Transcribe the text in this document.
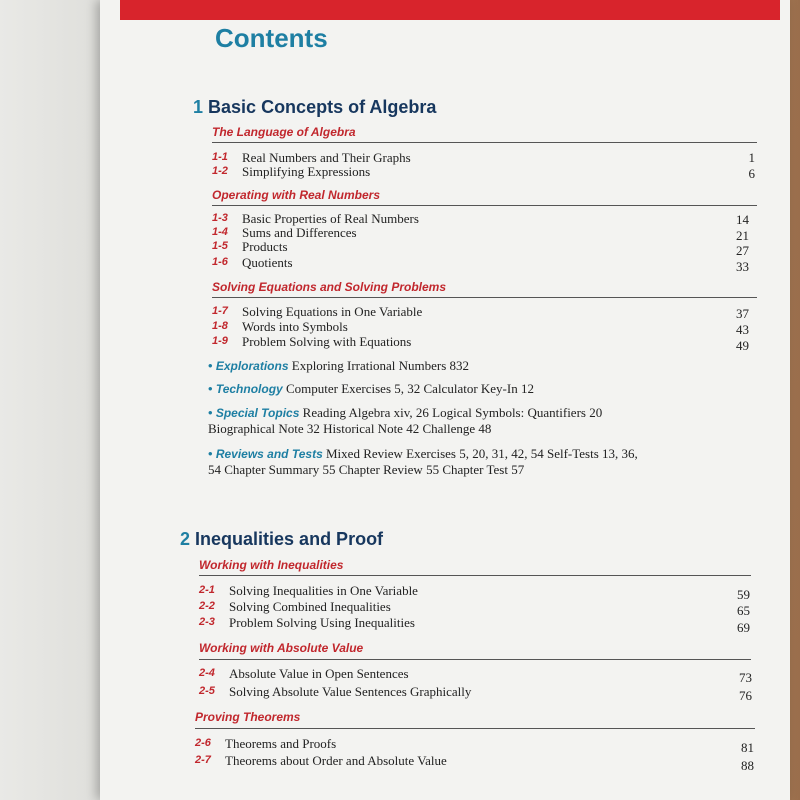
Contents
1 Basic Concepts of Algebra
The Language of Algebra
1-1 Real Numbers and Their Graphs	1
1-2 Simplifying Expressions	6
Operating with Real Numbers
1-3 Basic Properties of Real Numbers	14
1-4 Sums and Differences	21
1-5 Products	27
1-6 Quotients	33
Solving Equations and Solving Problems
1-7 Solving Equations in One Variable	37
1-8 Words into Symbols	43
1-9 Problem Solving with Equations	49
• Explorations Exploring Irrational Numbers 832
• Technology Computer Exercises 5, 32 Calculator Key-In 12
• Special Topics Reading Algebra xiv, 26 Logical Symbols: Quantifiers 20 Biographical Note 32 Historical Note 42 Challenge 48
• Reviews and Tests Mixed Review Exercises 5, 20, 31, 42, 54 Self-Tests 13, 36, 54 Chapter Summary 55 Chapter Review 55 Chapter Test 57
2 Inequalities and Proof
Working with Inequalities
2-1 Solving Inequalities in One Variable	59
2-2 Solving Combined Inequalities	65
2-3 Problem Solving Using Inequalities	69
Working with Absolute Value
2-4 Absolute Value in Open Sentences	73
2-5 Solving Absolute Value Sentences Graphically	76
Proving Theorems
2-6 Theorems and Proofs	81
2-7 Theorems about Order and Absolute Value	88
